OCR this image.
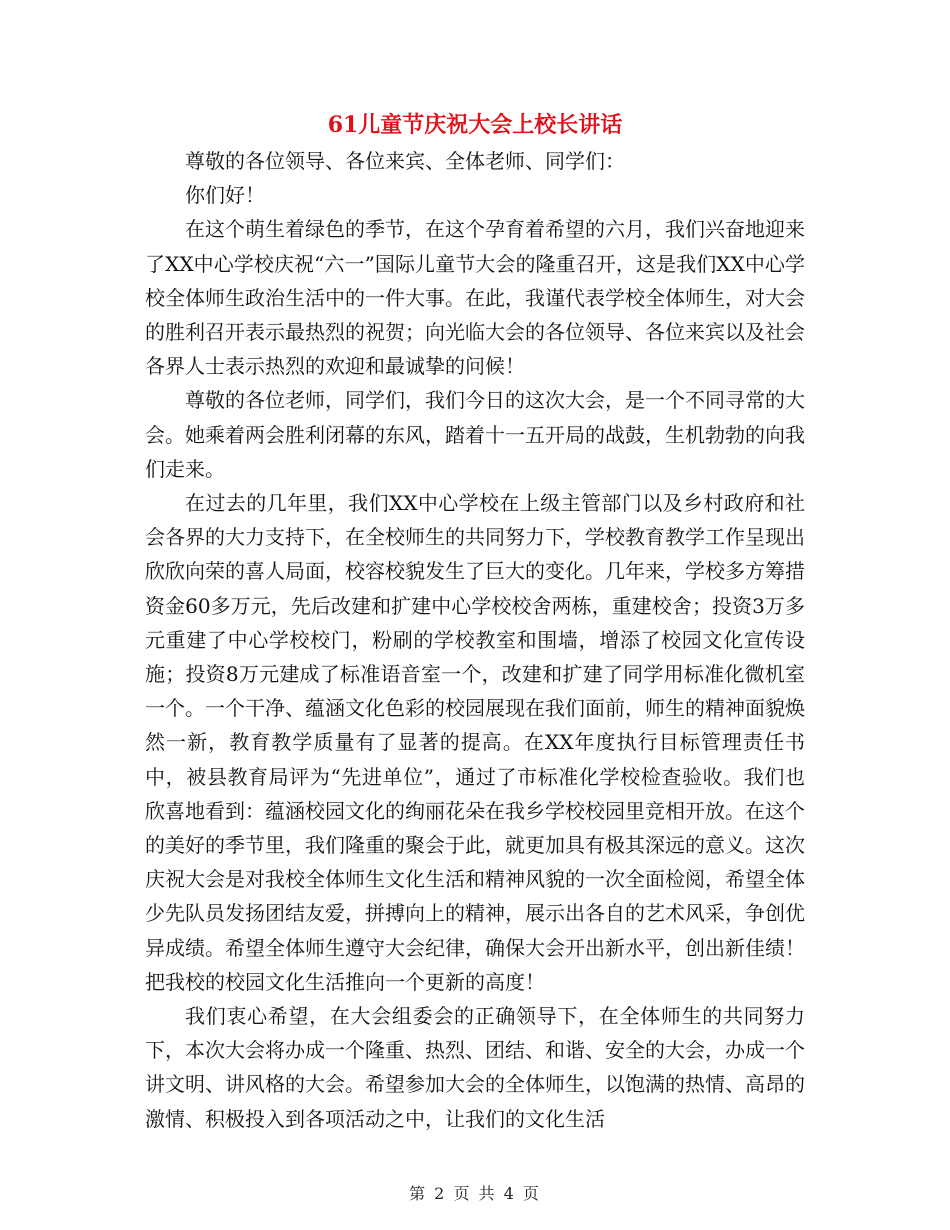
61儿童节庆祝大会上校长讲话

尊敬的各位领导、各位来宾、全体老师、同学们：

你们好！

在这个萌生着绿色的季节，在这个孕育着希望的六月，我们兴奋地迎来了XX中心学校庆祝“六一”国际儿童节大会的隆重召开，这是我们XX中心学校全体师生政治生活中的一件大事。在此，我谨代表学校全体师生，对大会的胜利召开表示最热烈的祝贺；向光临大会的各位领导、各位来宾以及社会各界人士表示热烈的欢迎和最诚挚的问候！

尊敬的各位老师，同学们，我们今日的这次大会，是一个不同寻常的大会。她乘着两会胜利闭幕的东风，踏着十一五开局的战鼓，生机勃勃的向我们走来。

在过去的几年里，我们XX中心学校在上级主管部门以及乡村政府和社会各界的大力支持下，在全校师生的共同努力下，学校教育教学工作呈现出欣欣向荣的喜人局面，校容校貌发生了巨大的变化。几年来，学校多方筹措资金60多万元，先后改建和扩建中心学校校舍两栋，重建校舍；投资3万多元重建了中心学校校门，粉刷的学校教室和围墙，增添了校园文化宣传设施；投资8万元建成了标准语音室一个，改建和扩建了同学用标准化微机室一个。一个干净、蕴涵文化色彩的校园展现在我们面前，师生的精神面貌焕然一新，教育教学质量有了显著的提高。在XX年度执行目标管理责任书中，被县教育局评为“先进单位”，通过了市标准化学校检查验收。我们也欣喜地看到：蕴涵校园文化的绚丽花朵在我乡学校校园里竞相开放。在这个的美好的季节里，我们隆重的聚会于此，就更加具有极其深远的意义。这次庆祝大会是对我校全体师生文化生活和精神风貌的一次全面检阅，希望全体少先队员发扬团结友爱，拼搏向上的精神，展示出各自的艺术风采，争创优异成绩。希望全体师生遵守大会纪律，确保大会开出新水平，创出新佳绩！把我校的校园文化生活推向一个更新的高度！

我们衷心希望，在大会组委会的正确领导下，在全体师生的共同努力下，本次大会将办成一个隆重、热烈、团结、和谐、安全的大会，办成一个讲文明、讲风格的大会。希望参加大会的全体师生，以饱满的热情、高昂的激情、积极投入到各项活动之中，让我们的文化生活

第 2 页 共 4 页
